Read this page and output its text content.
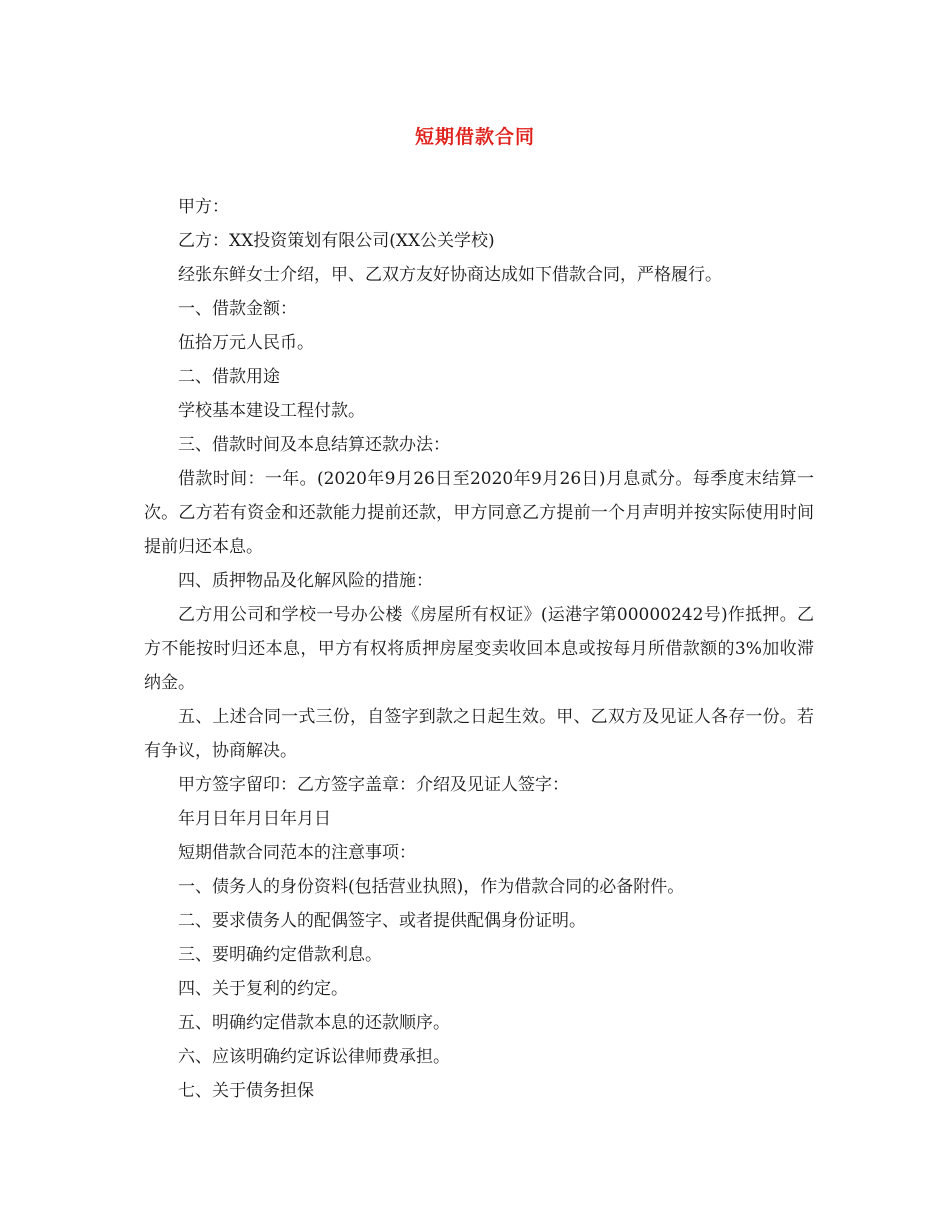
短期借款合同

甲方：

乙方：XX投资策划有限公司(XX公关学校)

经张东鲜女士介绍，甲、乙双方友好协商达成如下借款合同，严格履行。

一、借款金额：

伍拾万元人民币。

二、借款用途

学校基本建设工程付款。

三、借款时间及本息结算还款办法：

借款时间：一年。(2020年9月26日至2020年9月26日)月息贰分。每季度末结算一次。乙方若有资金和还款能力提前还款，甲方同意乙方提前一个月声明并按实际使用时间提前归还本息。

四、质押物品及化解风险的措施：

乙方用公司和学校一号办公楼《房屋所有权证》(运港字第00000242号)作抵押。乙方不能按时归还本息，甲方有权将质押房屋变卖收回本息或按每月所借款额的3%加收滞纳金。

五、上述合同一式三份，自签字到款之日起生效。甲、乙双方及见证人各存一份。若有争议，协商解决。

甲方签字留印：乙方签字盖章：介绍及见证人签字：

年月日年月日年月日

短期借款合同范本的注意事项：

一、债务人的身份资料(包括营业执照)，作为借款合同的必备附件。

二、要求债务人的配偶签字、或者提供配偶身份证明。

三、要明确约定借款利息。

四、关于复利的约定。

五、明确约定借款本息的还款顺序。

六、应该明确约定诉讼律师费承担。

七、关于债务担保
